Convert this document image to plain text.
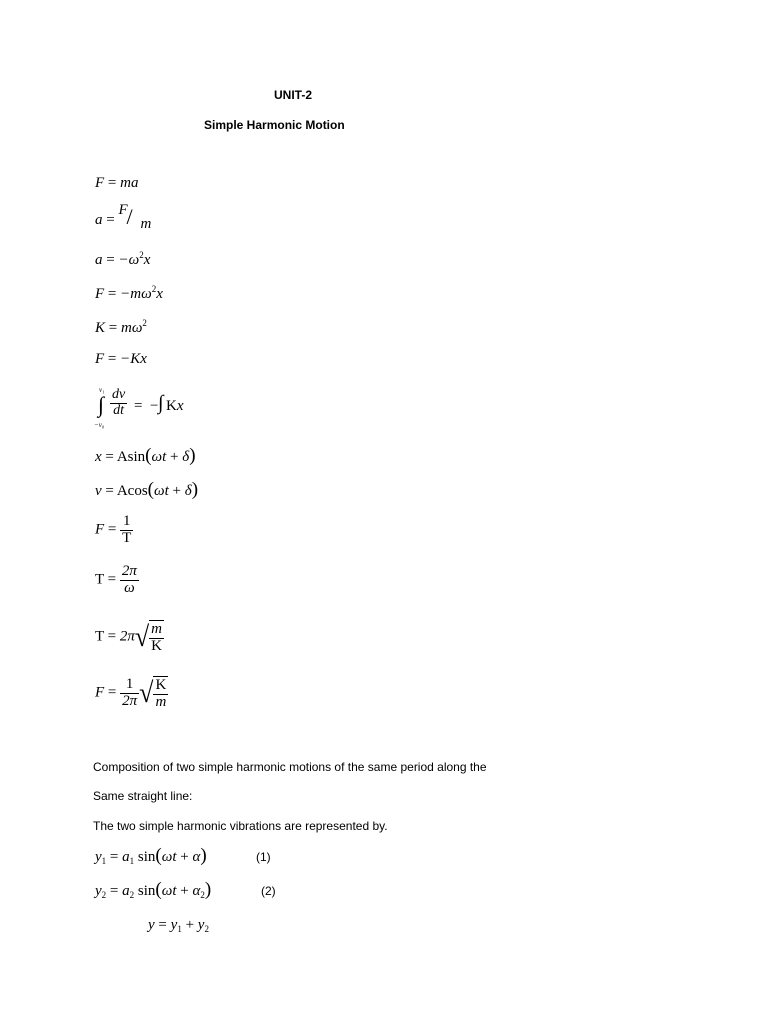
UNIT-2
Simple Harmonic Motion
F = ma
a =
F
/ m
$a = -\omega^2x$
$F = -m\omega^2x$
$K = m\omega^2$
F = −Kx
v₁
∫
−v₀
$\frac{dv}{dt}$ = − ∫ Kx
x = Asin(ωt + δ)
v = Acos(ωt + δ)
$F = \frac{1}{T}$
$T = \frac{2\pi}{\omega}$
$T = 2\pi√ \frac{m}{K}$
$F = \frac{1}{2\pi}$ √ $\frac{K}{m}$
Composition of two simple harmonic motions of the same period along the
Same straight line:
The two simple harmonic vibrations are represented by.
$y_1 = a_1$ sin(ωt + α)	(1)
$y_2 = a_2$ $\sin(\omega t + \alpha_2)$	(2)
$y = y_1 + y_2$
